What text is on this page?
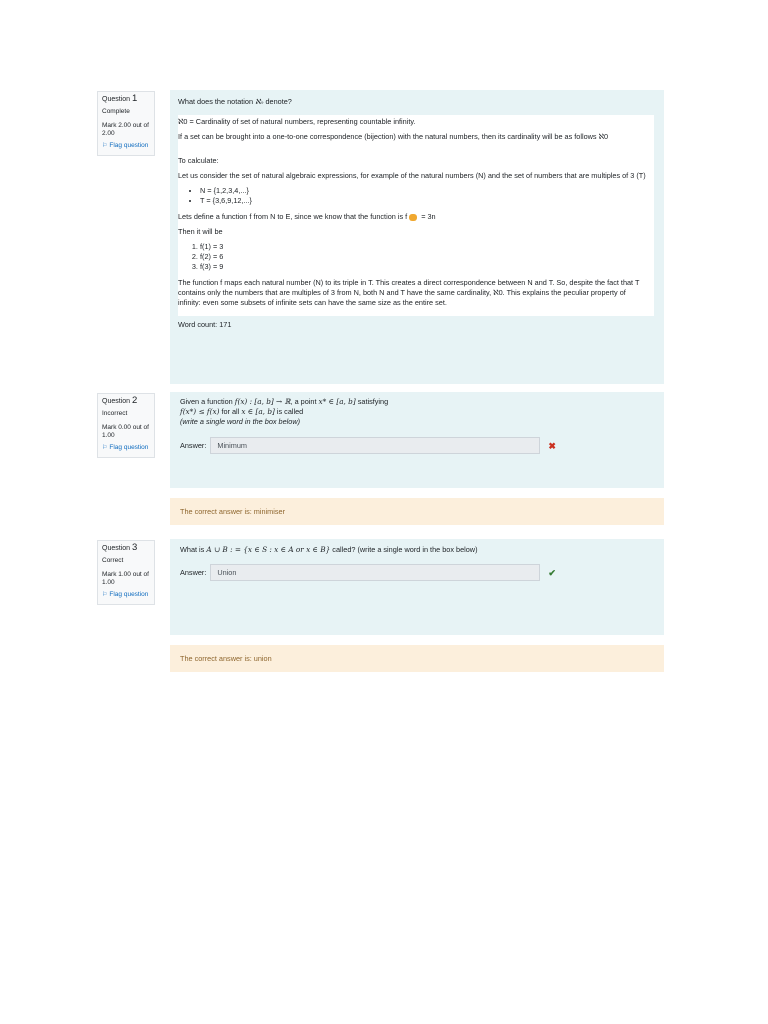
Question 1
Complete
Mark 2.00 out of 2.00
⚐ Flag question
What does the notation ℵ₀ denote?

ℵ0 = Cardinality of set of natural numbers, representing countable infinity.

If a set can be brought into a one-to-one correspondence (bijection) with the natural numbers, then its cardinality will be as follows ℵ0

To calculate:

Let us consider the set of natural algebraic expressions, for example of the natural numbers (N) and the set of numbers that are multiples of 3 (T)

• N = {1,2,3,4,...}
• T = {3,6,9,12,...}

Lets define a function f from N to E, since we know that the function is f = 3n

Then it will be

1. f(1) = 3
2. f(2) = 6
3. f(3) = 9

The function f maps each natural number (N) to its triple in T. This creates a direct correspondence between N and T. So, despite the fact that T contains only the numbers that are multiples of 3 from N, both N and T have the same cardinality, ℵ0. This explains the peculiar property of infinity: even some subsets of infinite sets can have the same size as the entire set.

Word count: 171
Question 2
Incorrect
Mark 0.00 out of 1.00
⚐ Flag question
Given a function f(x) : [a, b] → ℝ, a point x* ∈ [a, b] satisfying
f(x*) ≤ f(x) for all x ∈ [a, b] is called
(write a single word in the box below)
Answer:	Minimum	✖
The correct answer is: minimiser
Question 3
Correct
Mark 1.00 out of 1.00
⚐ Flag question
What is A ∪ B : = {x ∈ S : x ∈ A or x ∈ B} called? (write a single word in the box below)
Answer:	Union	✔
The correct answer is: union
